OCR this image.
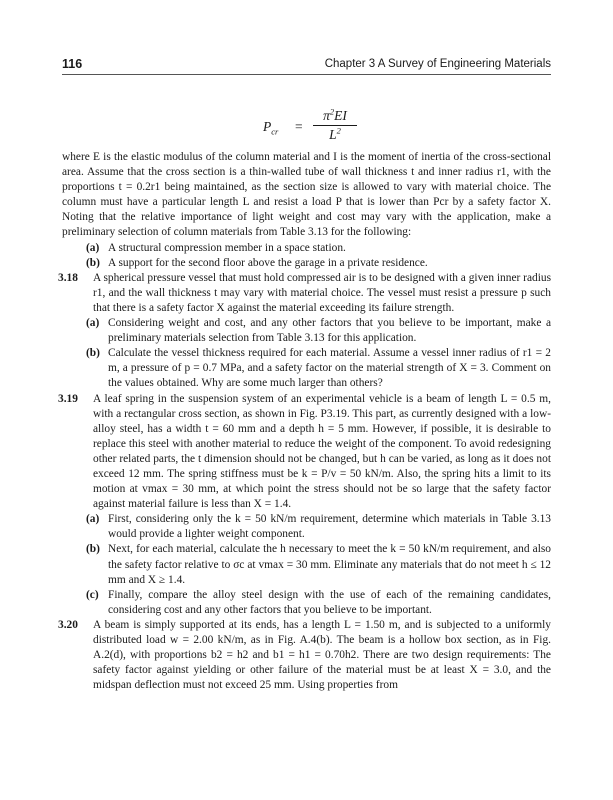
116	Chapter 3 A Survey of Engineering Materials
$P_{cr}$ =
$\pi^2EI$
$L^2$

where E is the elastic modulus of the column material and I is the moment of inertia of the cross-sectional area. Assume that the cross section is a thin-walled tube of wall thickness t and inner radius r1, with the proportions t = 0.2r1 being maintained, as the section size is allowed to vary with material choice. The column must have a particular length L and resist a load P that is lower than Pcr by a safety factor X. Noting that the relative importance of light weight and cost may vary with the application, make a preliminary selection of column materials from Table 3.13 for the following:

(a) A structural compression member in a space station.
(b) A support for the second floor above the garage in a private residence.
3.18 A spherical pressure vessel that must hold compressed air is to be designed with a given inner radius r1, and the wall thickness t may vary with material choice. The vessel must resist a pressure p such that there is a safety factor X against the material exceeding its failure strength.
(a) Considering weight and cost, and any other factors that you believe to be important, make a preliminary materials selection from Table 3.13 for this application.
(b) Calculate the vessel thickness required for each material. Assume a vessel inner radius of r1 = 2 m, a pressure of p = 0.7 MPa, and a safety factor on the material strength of X = 3. Comment on the values obtained. Why are some much larger than others?
3.19 A leaf spring in the suspension system of an experimental vehicle is a beam of length L = 0.5 m, with a rectangular cross section, as shown in Fig. P3.19. This part, as currently designed with a low-alloy steel, has a width t = 60 mm and a depth h = 5 mm. However, if possible, it is desirable to replace this steel with another material to reduce the weight of the component. To avoid redesigning other related parts, the t dimension should not be changed, but h can be varied, as long as it does not exceed 12 mm. The spring stiffness must be k = P/v = 50 kN/m. Also, the spring hits a limit to its motion at vmax = 30 mm, at which point the stress should not be so large that the safety factor against material failure is less than X = 1.4.
(a) First, considering only the k = 50 kN/m requirement, determine which materials in Table 3.13 would provide a lighter weight component.
(b) Next, for each material, calculate the h necessary to meet the k = 50 kN/m requirement, and also the safety factor relative to σc at vmax = 30 mm. Eliminate any materials that do not meet h ≤ 12 mm and X ≥ 1.4.
(c) Finally, compare the alloy steel design with the use of each of the remaining candidates, considering cost and any other factors that you believe to be important.
3.20 A beam is simply supported at its ends, has a length L = 1.50 m, and is subjected to a uniformly distributed load w = 2.00 kN/m, as in Fig. A.4(b). The beam is a hollow box section, as in Fig. A.2(d), with proportions b2 = h2 and b1 = h1 = 0.70h2. There are two design requirements: The safety factor against yielding or other failure of the material must be at least X = 3.0, and the midspan deflection must not exceed 25 mm. Using properties from
